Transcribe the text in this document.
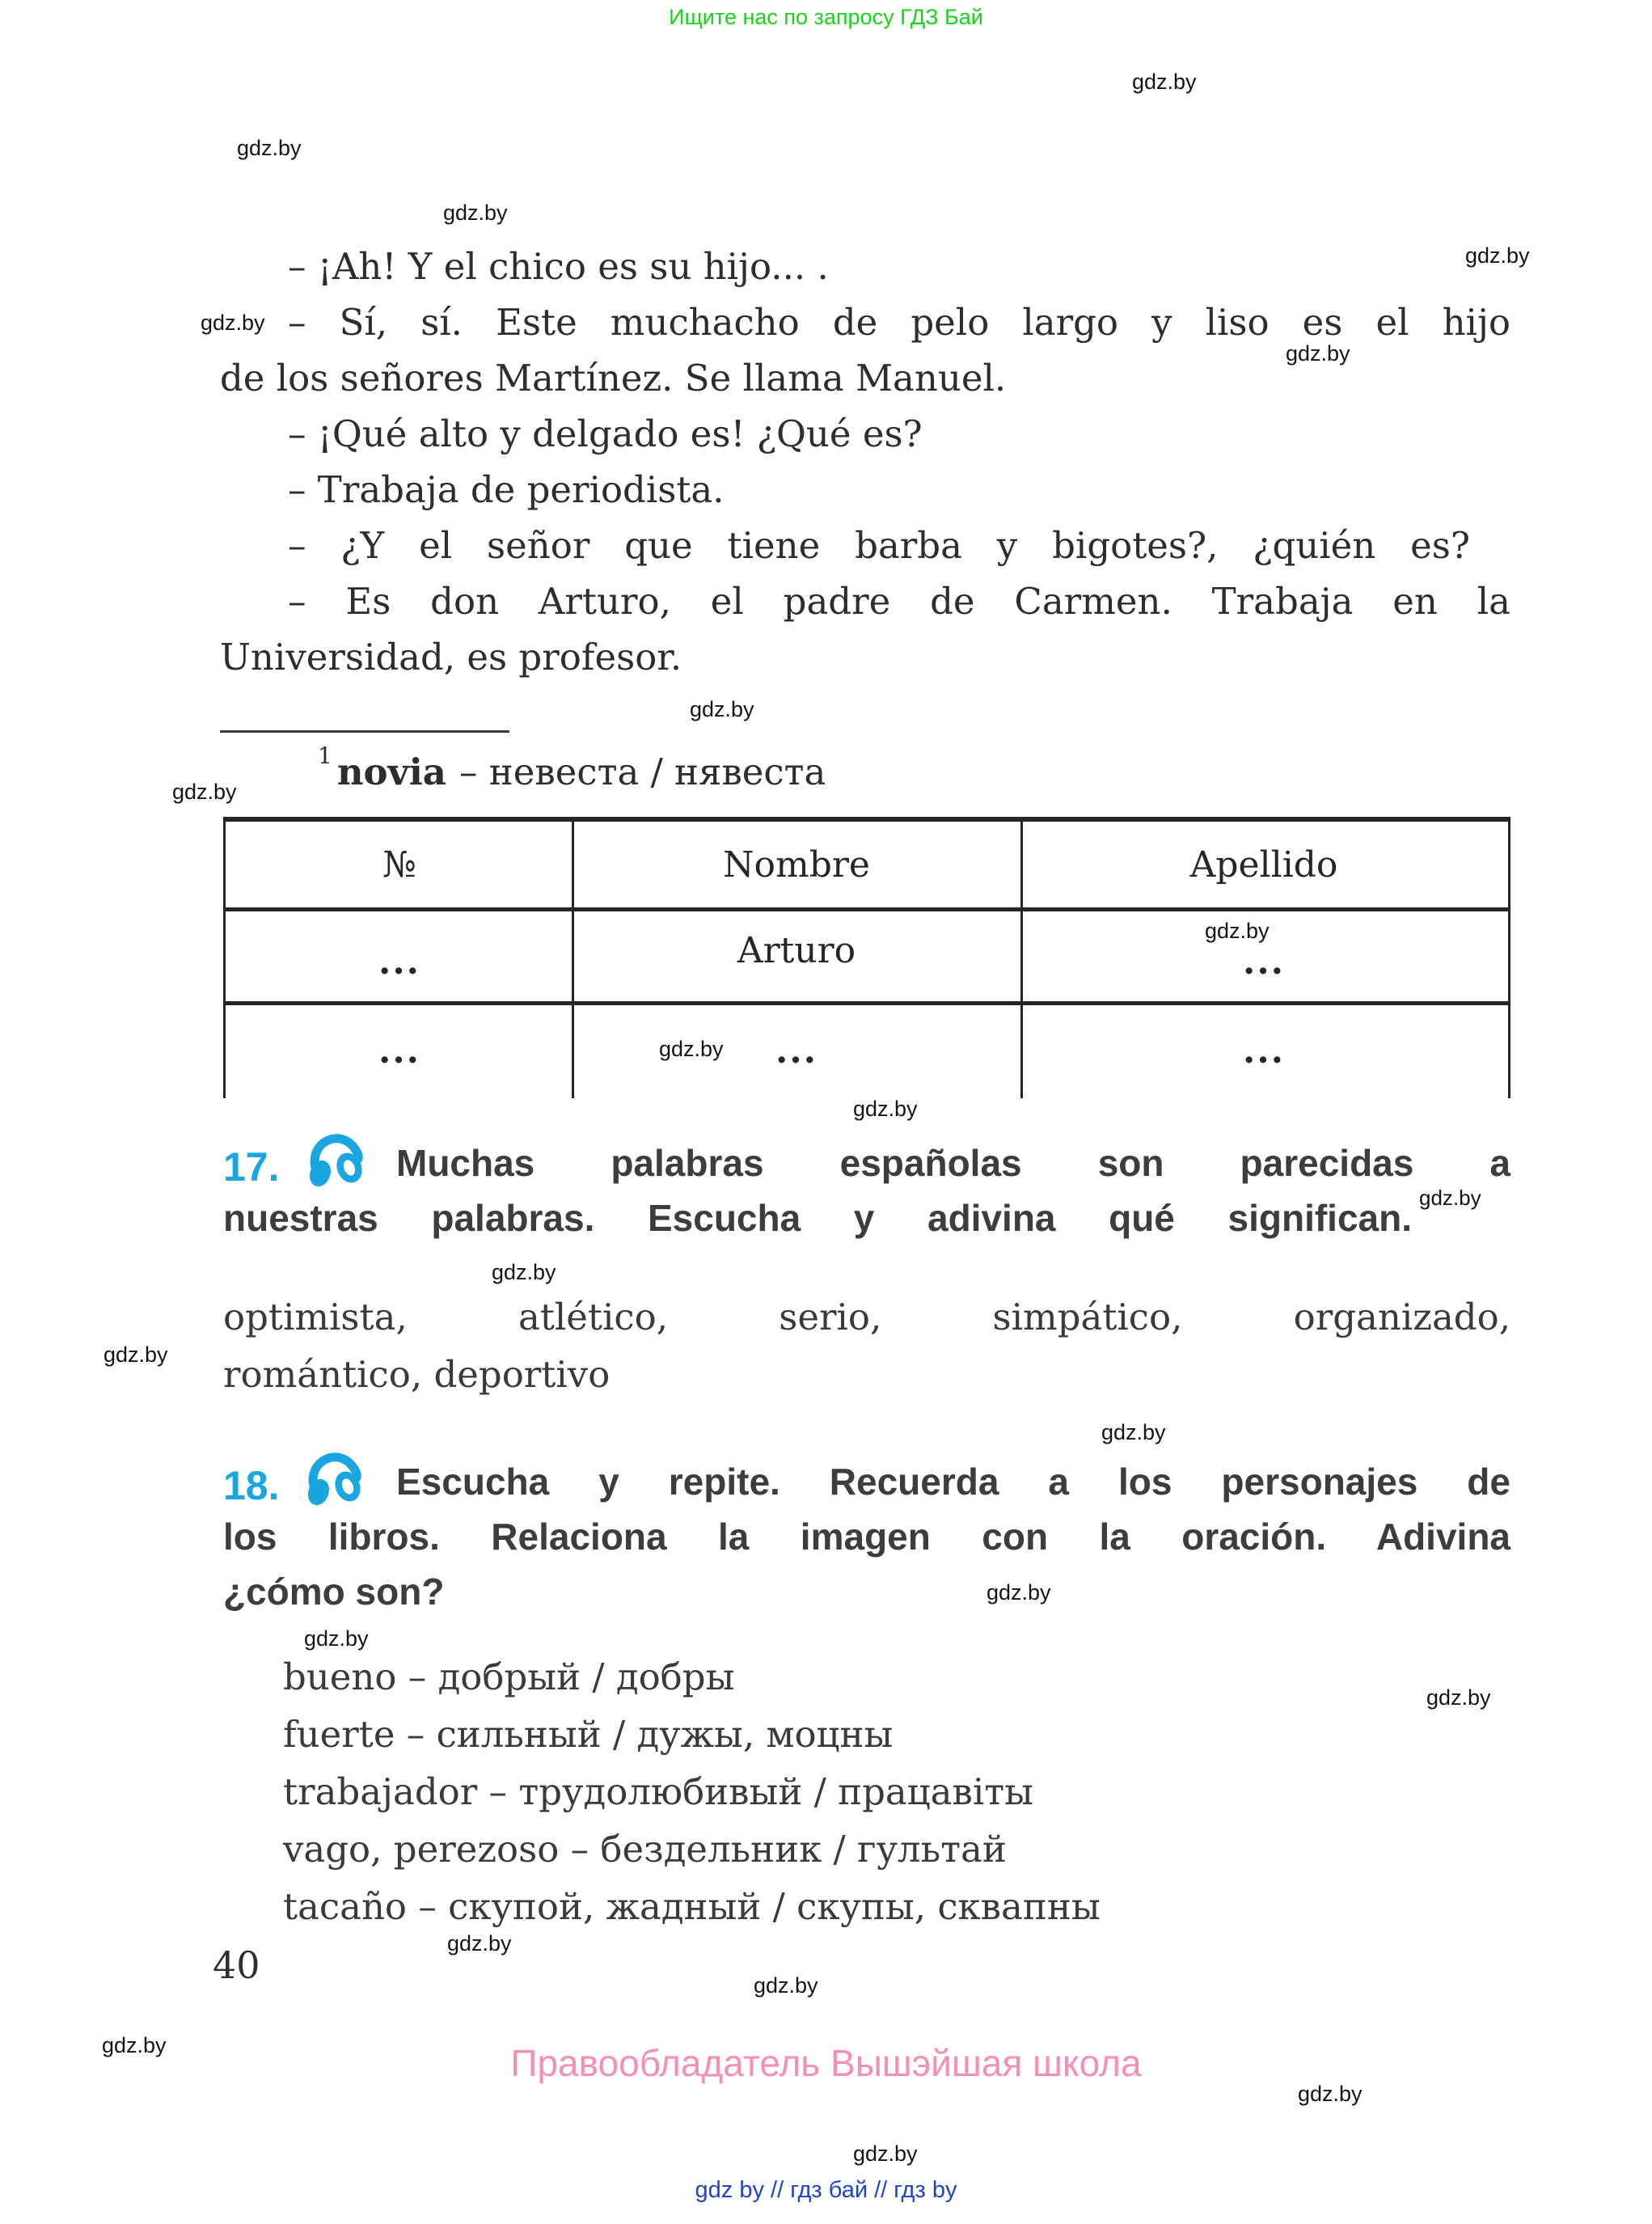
Ищите нас по запросу ГДЗ Бай
gdz.by
gdz.by
gdz.by
gdz.by
gdz.by
gdz.by
gdz.by
gdz.by
gdz.by
gdz.by
gdz.by
gdz.by
gdz.by
gdz.by
gdz.by
gdz.by
gdz.by
gdz.by
gdz.by
gdz.by
gdz.by
gdz.by
gdz.by
– ¡Ah! Y el chico es su hijo... .
– Sí, sí. Este muchacho de pelo largo y liso es el hijo
de los señores Martínez. Se llama Manuel.
– ¡Qué alto y delgado es! ¿Qué es?
– Trabaja de periodista.
– ¿Y el señor que tiene barba y bigotes?, ¿quién es?
– Es don Arturo, el padre de Carmen. Trabaja en la
Universidad, es profesor.
$^1$ novia – невеста / нявеста
№	Nombre	Apellido
...	Arturo	...
...	...	...
17.	Muchas palabras españolas son parecidas a
nuestras palabras. Escucha y adivina qué significan.
optimista, atlético, serio, simpático, organizado,
romántico, deportivo
18.	Escucha y repite. Recuerda a los personajes de
los libros. Relaciona la imagen con la oración. Adivina
¿cómo son?
bueno – добрый / добры
fuerte – сильный / дужы, моцны
trabajador – трудолюбивый / працавіты
vago, perezoso – бездельник / гультай
tacaño – скупой, жадный / скупы, сквапны
40
Правообладатель Вышэйшая школа
gdz by // гдз бай // гдз by
